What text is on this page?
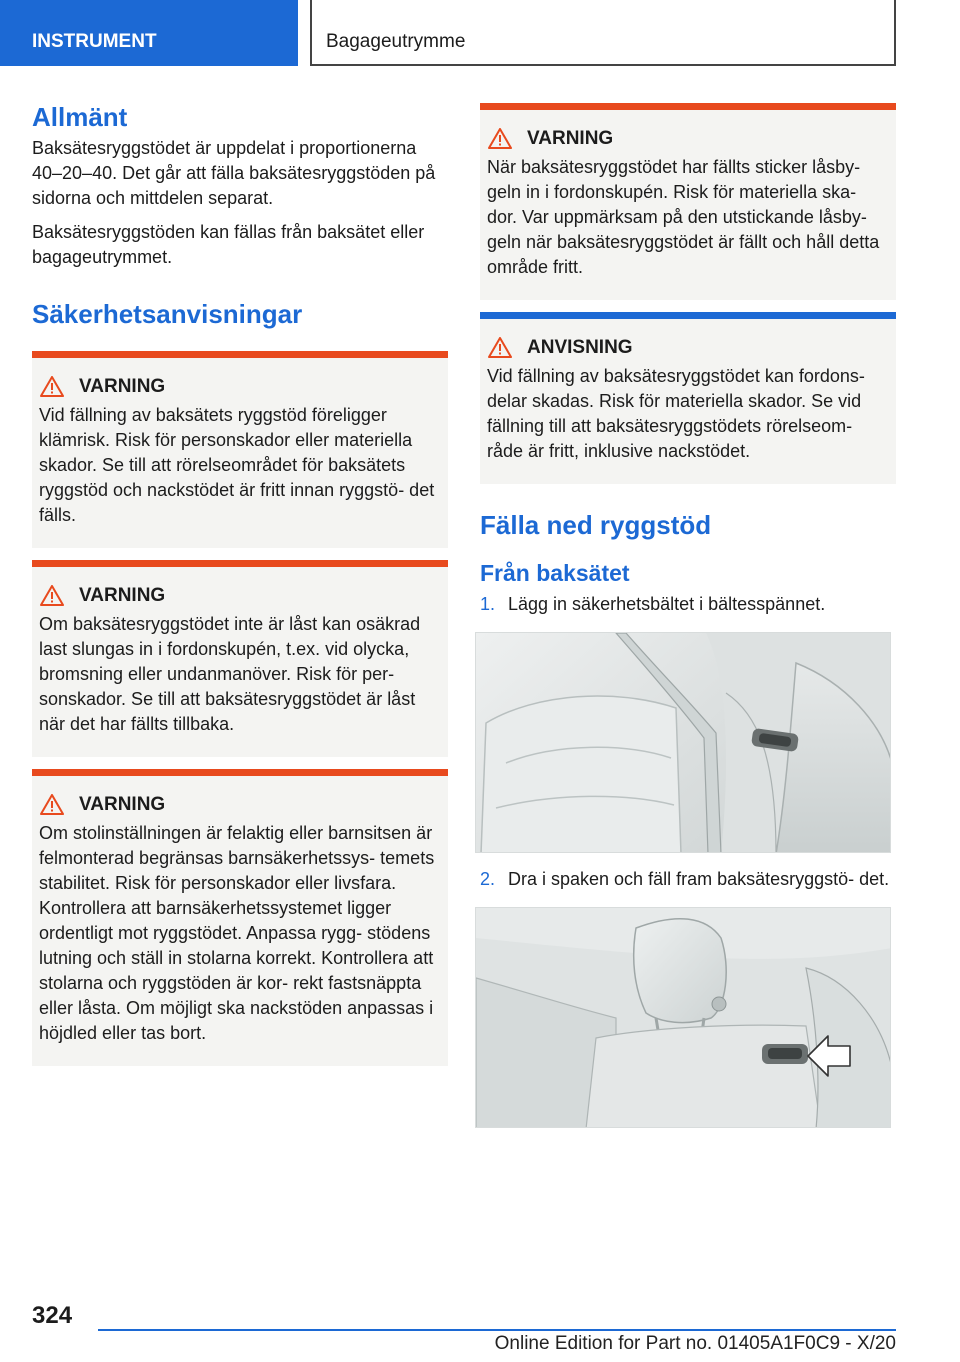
INSTRUMENT	Bagageutrymme
Allmänt
Baksätesryggstödet är uppdelat i proportionerna 40–20–40. Det går att fälla baksätesryggstöden på sidorna och mittdelen separat.
Baksätesryggstöden kan fällas från baksätet eller bagageutrymmet.
Säkerhetsanvisningar
VARNING
Vid fällning av baksätets ryggstöd föreligger klämrisk. Risk för personskador eller materiella skador. Se till att rörelseområdet för baksätets ryggstöd och nackstödet är fritt innan ryggstö- det fälls.
VARNING
Om baksätesryggstödet inte är låst kan osäkrad last slungas in i fordonskupén, t.ex. vid olycka, bromsning eller undanmanöver. Risk för per- sonskador. Se till att baksätesryggstödet är låst när det har fällts tillbaka.
VARNING
Om stolinställningen är felaktig eller barnsitsen är felmonterad begränsas barnsäkerhetssys- temets stabilitet. Risk för personskador eller livsfara. Kontrollera att barnsäkerhetssystemet ligger ordentligt mot ryggstödet. Anpassa rygg- stödens lutning och ställ in stolarna korrekt. Kontrollera att stolarna och ryggstöden är kor- rekt fastsnäppta eller låsta. Om möjligt ska nackstöden anpassas i höjdled eller tas bort.
VARNING
När baksätesryggstödet har fällts sticker låsby- geln in i fordonskupén. Risk för materiella ska- dor. Var uppmärksam på den utstickande låsby- geln när baksätesryggstödet är fällt och håll detta område fritt.
ANVISNING
Vid fällning av baksätesryggstödet kan fordons- delar skadas. Risk för materiella skador. Se vid fällning till att baksätesryggstödets rörelseom- råde är fritt, inklusive nackstödet.
Fälla ned ryggstöd
Från baksätet
1. Lägg in säkerhetsbältet i bältesspännet.
2. Dra i spaken och fäll fram baksätesryggstö- det.
324
Online Edition for Part no. 01405A1F0C9 - X/20
